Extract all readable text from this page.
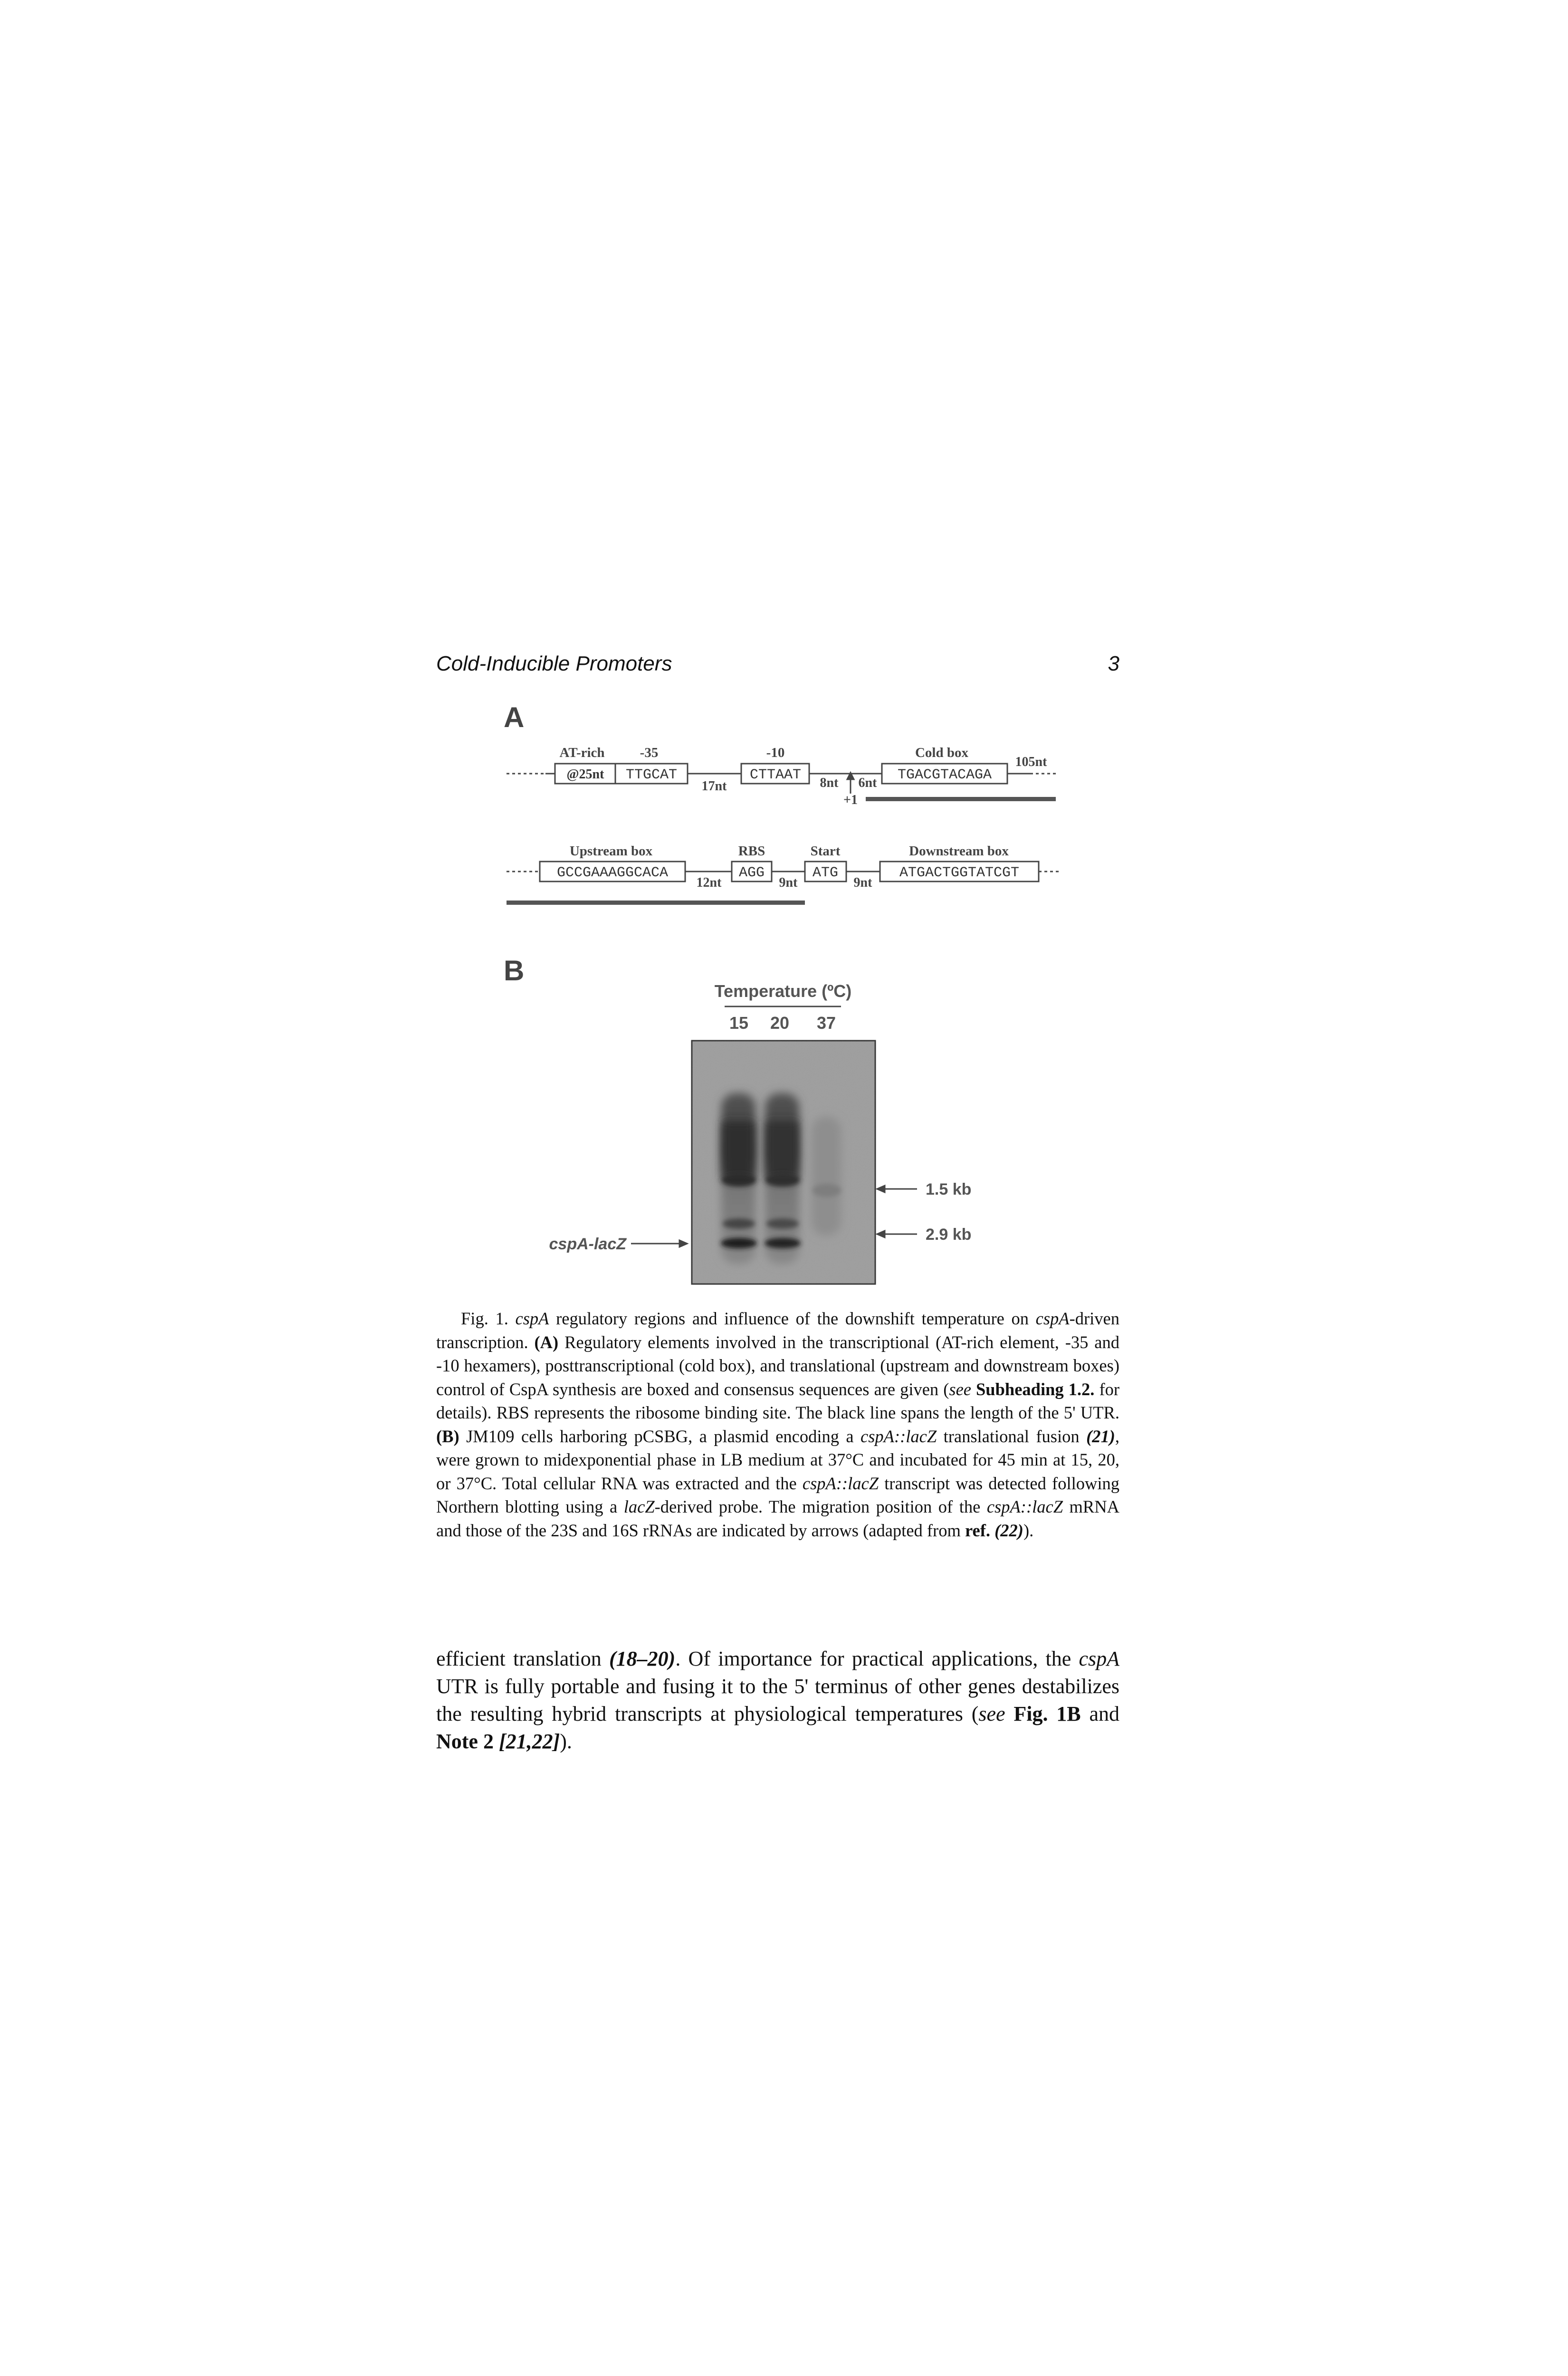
Cold-Inducible Promoters	3
A
AT-rich	-35	-10	Cold box
@25nt TTGCAT	CTTAAT	TGACGTACAGA
17nt	8nt 6nt
105nt
+1
Upstream box	RBS	Start	Downstream box
GCCGAAAGGCACA	AGG	ATG	ATGACTGGTATCGT
12nt	9nt	9nt
B
Temperature (ºC)
15 20 37
1.5 kb
2.9 kb
cspA-lacZ
Fig. 1. cspA regulatory regions and influence of the downshift temperature on cspA-driven transcription. (A) Regulatory elements involved in the transcriptional (AT-rich element, -35 and -10 hexamers), posttranscriptional (cold box), and translational (upstream and downstream boxes) control of CspA synthesis are boxed and consensus sequences are given (see Subheading 1.2. for details). RBS represents the ribosome binding site. The black line spans the length of the 5' UTR. (B) JM109 cells harboring pCSBG, a plasmid encoding a cspA::lacZ translational fusion (21), were grown to midexponential phase in LB medium at 37°C and incubated for 45 min at 15, 20, or 37°C. Total cellular RNA was extracted and the cspA::lacZ transcript was detected following Northern blotting using a lacZ-derived probe. The migration position of the cspA::lacZ mRNA and those of the 23S and 16S rRNAs are indicated by arrows (adapted from ref. (22)).
efficient translation (18–20). Of importance for practical applications, the cspA UTR is fully portable and fusing it to the 5' terminus of other genes destabilizes the resulting hybrid transcripts at physiological temperatures (see Fig. 1B and Note 2 [21,22]).
